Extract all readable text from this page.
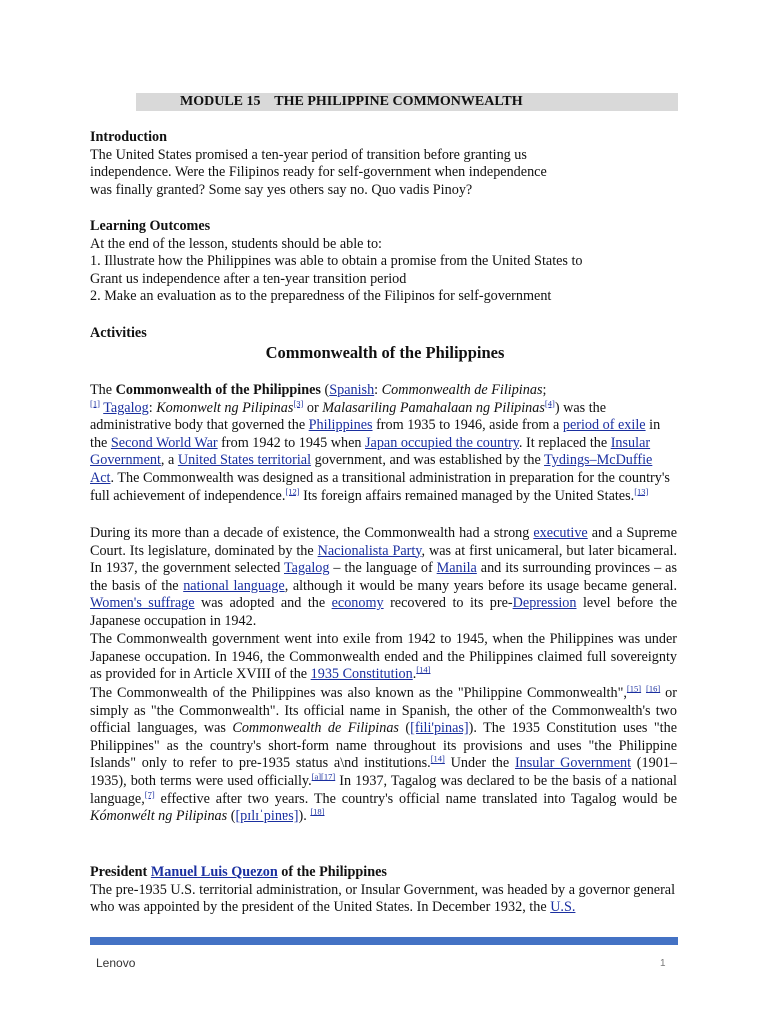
MODULE 15    THE PHILIPPINE COMMONWEALTH

Introduction

The United States promised a ten-year period of transition before granting us

independence. Were the Filipinos ready for self-government when independence

was finally granted? Some say yes others say no. Quo vadis Pinoy?

Learning Outcomes

At the end of the lesson, students should be able to:

1. Illustrate how the Philippines was able to obtain a promise from the United States to

Grant us independence after a ten-year transition period

2. Make an evaluation as to the preparedness of the Filipinos for self-government

Activities

Commonwealth of the Philippines

The Commonwealth of the Philippines (Spanish: Commonwealth de Filipinas;
[1] Tagalog: Komonwelt ng Pilipinas[3] or Malasariling Pamahalaan ng Pilipinas[4]) was the administrative body that governed the Philippines from 1935 to 1946, aside from a period of exile in the Second World War from 1942 to 1945 when Japan occupied the country. It replaced the Insular Government, a United States territorial government, and was established by the Tydings–McDuffie Act. The Commonwealth was designed as a transitional administration in preparation for the country's full achievement of independence.[12] Its foreign affairs remained managed by the United States.[13]

During its more than a decade of existence, the Commonwealth had a strong executive and a Supreme Court. Its legislature, dominated by the Nacionalista Party, was at first unicameral, but later bicameral. In 1937, the government selected Tagalog – the language of Manila and its surrounding provinces – as the basis of the national language, although it would be many years before its usage became general. Women's suffrage was adopted and the economy recovered to its pre-Depression level before the Japanese occupation in 1942.

The Commonwealth government went into exile from 1942 to 1945, when the Philippines was under Japanese occupation. In 1946, the Commonwealth ended and the Philippines claimed full sovereignty as provided for in Article XVIII of the 1935 Constitution.[14]

The Commonwealth of the Philippines was also known as the "Philippine Commonwealth",[15] [16] or simply as "the Commonwealth". Its official name in Spanish, the other of the Commonwealth's two official languages, was Commonwealth de Filipinas ([fili'pinas]). The 1935 Constitution uses "the Philippines" as the country's short-form name throughout its provisions and uses "the Philippine Islands" only to refer to pre-1935 status a\nd institutions.[14] Under the Insular Government (1901–1935), both terms were used officially.[a][17] In 1937, Tagalog was declared to be the basis of a national language,[7] effective after two years. The country's official name translated into Tagalog would be Kómonwélt ng Pilipinas ([pɪlɪˈpinɐs]). [18]

President Manuel Luis Quezon of the Philippines

The pre-1935 U.S. territorial administration, or Insular Government, was headed by a governor general who was appointed by the president of the United States. In December 1932, the U.S.

Lenovo	1
